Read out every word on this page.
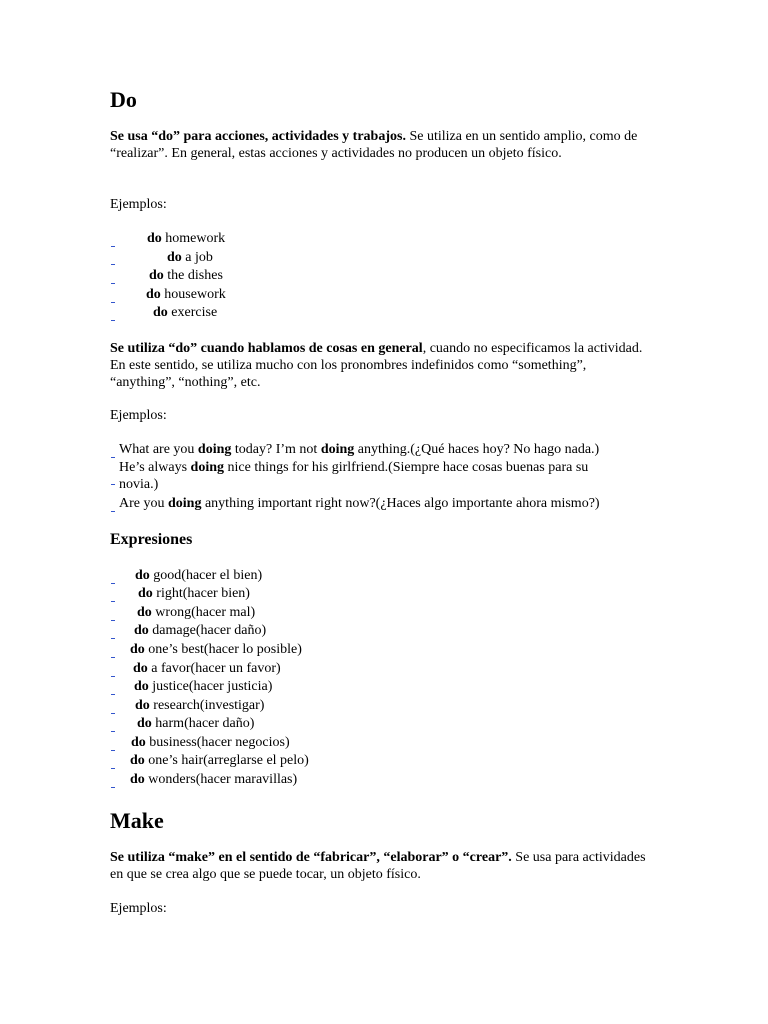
Do
Se usa “do” para acciones, actividades y trabajos. Se utiliza en un sentido amplio, como de “realizar”. En general, estas acciones y actividades no producen un objeto físico.
Ejemplos:
do homework
do a job
do the dishes
do housework
do exercise
Se utiliza “do” cuando hablamos de cosas en general, cuando no especificamos la actividad. En este sentido, se utiliza mucho con los pronombres indefinidos como “something”, “anything”, “nothing”, etc.
Ejemplos:
What are you doing today? I’m not doing anything.(¿Qué haces hoy? No hago nada.)
He’s always doing nice things for his girlfriend.(Siempre hace cosas buenas para su
novia.)
Are you doing anything important right now?(¿Haces algo importante ahora mismo?)
Expresiones
do good(hacer el bien)
do right(hacer bien)
do wrong(hacer mal)
do damage(hacer daño)
do one’s best(hacer lo posible)
do a favor(hacer un favor)
do justice(hacer justicia)
do research(investigar)
do harm(hacer daño)
do business(hacer negocios)
do one’s hair(arreglarse el pelo)
do wonders(hacer maravillas)
Make
Se utiliza “make” en el sentido de “fabricar”, “elaborar” o “crear”. Se usa para actividades en que se crea algo que se puede tocar, un objeto físico.
Ejemplos:
